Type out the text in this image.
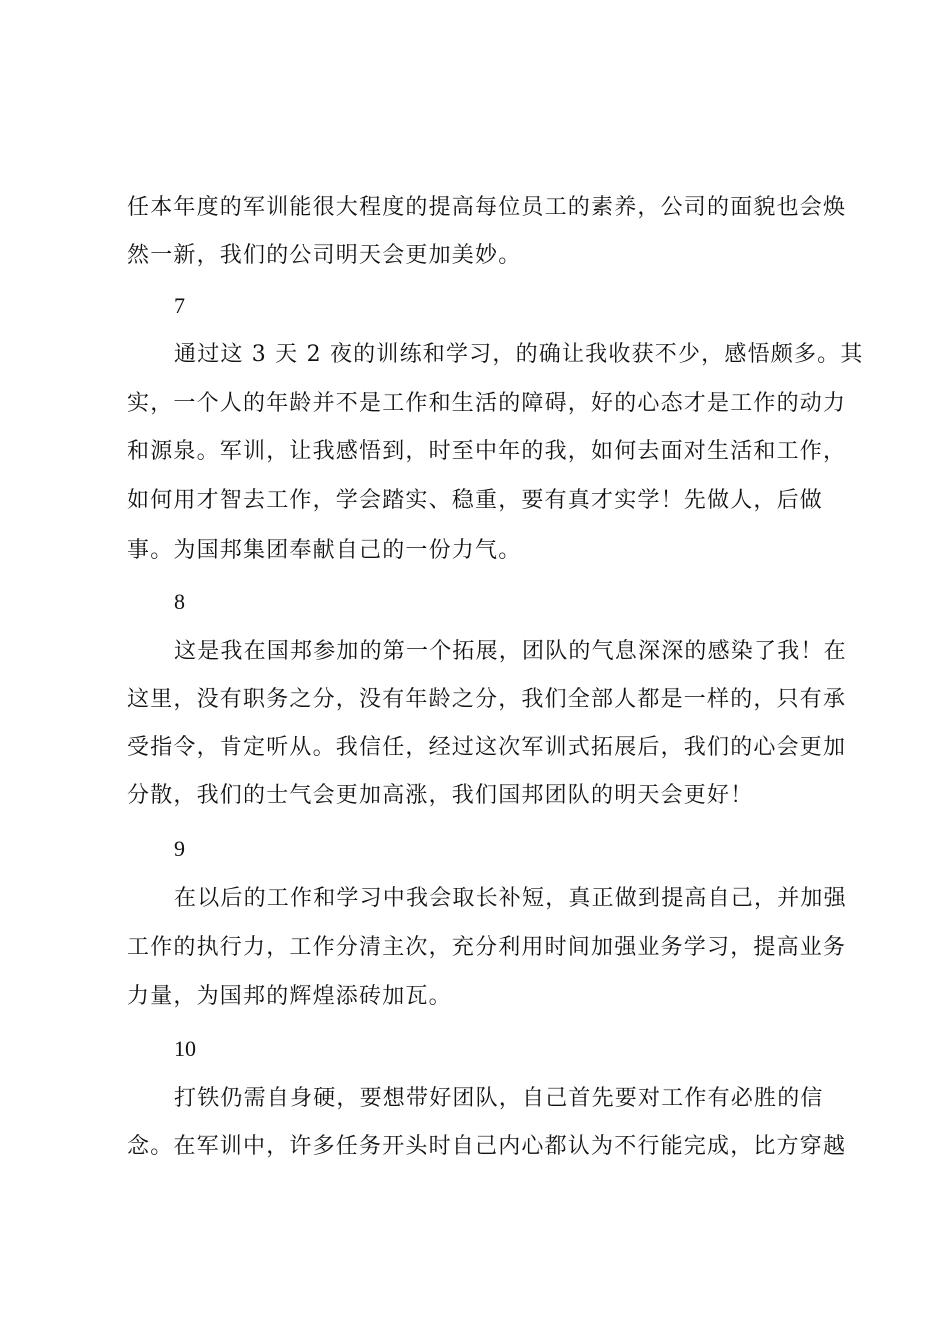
任本年度的军训能很大程度的提高每位员工的素养，公司的面貌也会焕
然一新，我们的公司明天会更加美妙。
7
通过这 3 天 2 夜的训练和学习，的确让我收获不少，感悟颇多。其
实，一个人的年龄并不是工作和生活的障碍，好的心态才是工作的动力
和源泉。军训，让我感悟到，时至中年的我，如何去面对生活和工作，
如何用才智去工作，学会踏实、稳重，要有真才实学！先做人，后做
事。为国邦集团奉献自己的一份力气。
8
这是我在国邦参加的第一个拓展，团队的气息深深的感染了我！在
这里，没有职务之分，没有年龄之分，我们全部人都是一样的，只有承
受指令，肯定听从。我信任，经过这次军训式拓展后，我们的心会更加
分散，我们的士气会更加高涨，我们国邦团队的明天会更好！
9
在以后的工作和学习中我会取长补短，真正做到提高自己，并加强
工作的执行力，工作分清主次，充分利用时间加强业务学习，提高业务
力量，为国邦的辉煌添砖加瓦。
10
打铁仍需自身硬，要想带好团队，自己首先要对工作有必胜的信
念。在军训中，许多任务开头时自己内心都认为不行能完成，比方穿越
